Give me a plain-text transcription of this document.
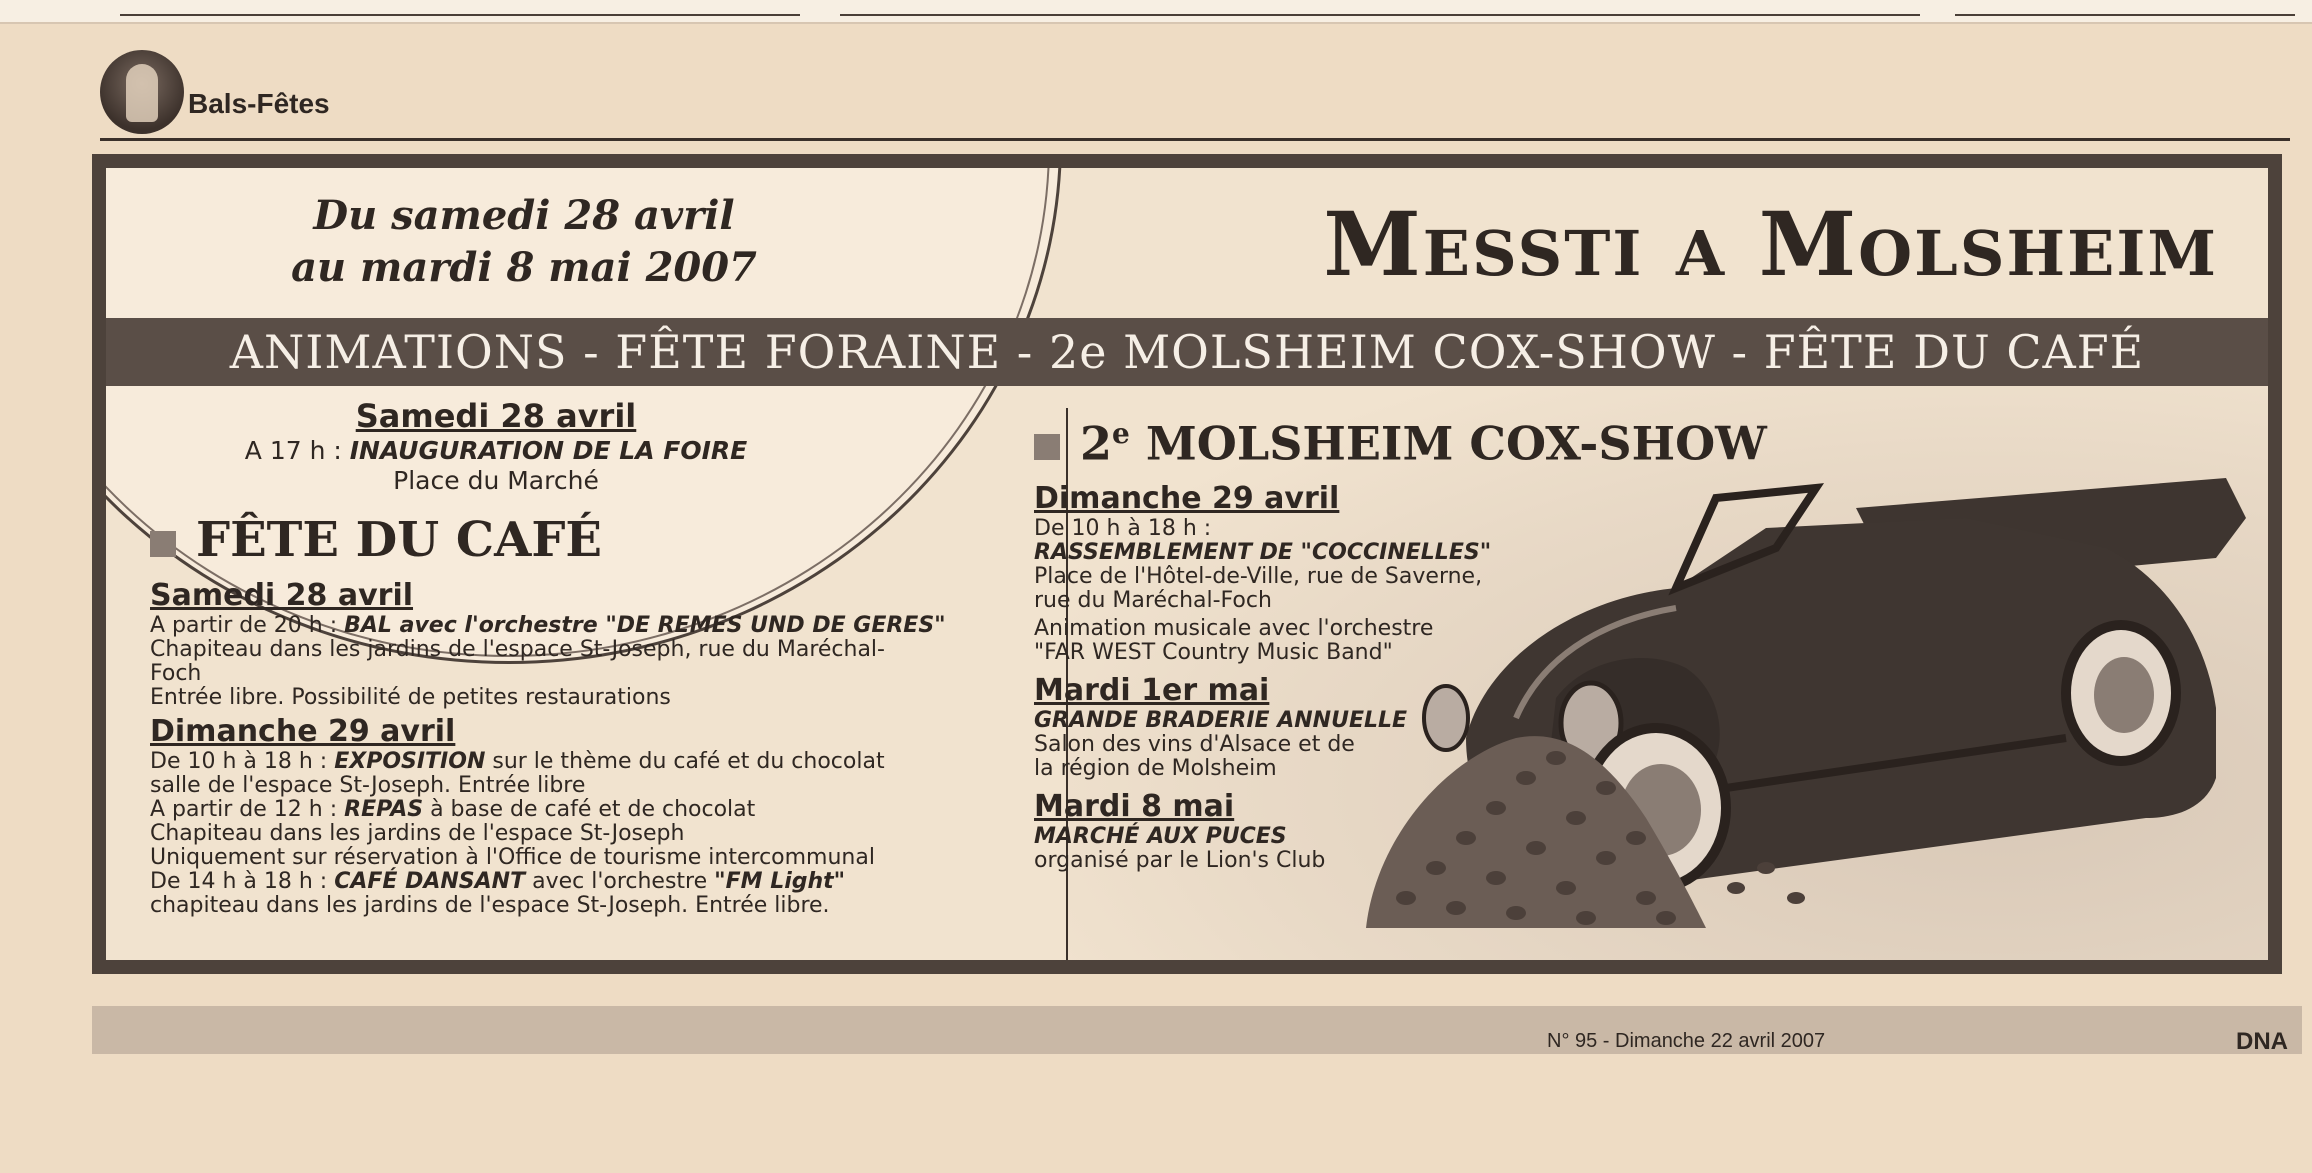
Bals-Fêtes
Du samedi 28 avril
au mardi 8 mai 2007	Messti a Molsheim
ANIMATIONS - FÊTE FORAINE - 2e MOLSHEIM COX-SHOW - FÊTE DU CAFÉ
Samedi 28 avril
A 17 h : INAUGURATION DE LA FOIRE
Place du Marché
FÊTE DU CAFÉ
Samedi 28 avril
A partir de 20 h : BAL avec l'orchestre "DE REMES UND DE GERES"
Chapiteau dans les jardins de l'espace St-Joseph, rue du Maréchal-
Foch
Entrée libre. Possibilité de petites restaurations
Dimanche 29 avril
De 10 h à 18 h : EXPOSITION sur le thème du café et du chocolat
salle de l'espace St-Joseph. Entrée libre
A partir de 12 h : REPAS à base de café et de chocolat
Chapiteau dans les jardins de l'espace St-Joseph
Uniquement sur réservation à l'Office de tourisme intercommunal
De 14 h à 18 h : CAFÉ DANSANT avec l'orchestre "FM Light"
chapiteau dans les jardins de l'espace St-Joseph. Entrée libre.
2e MOLSHEIM COX-SHOW
Dimanche 29 avril
De 10 h à 18 h :
RASSEMBLEMENT DE "COCCINELLES"
Place de l'Hôtel-de-Ville, rue de Saverne,
rue du Maréchal-Foch
Animation musicale avec l'orchestre
"FAR WEST Country Music Band"
Mardi 1er mai
GRANDE BRADERIE ANNUELLE
Salon des vins d'Alsace et de
la région de Molsheim
Mardi 8 mai
MARCHÉ AUX PUCES
organisé par le Lion's Club
N° 95 - Dimanche 22 avril 2007	DNA
